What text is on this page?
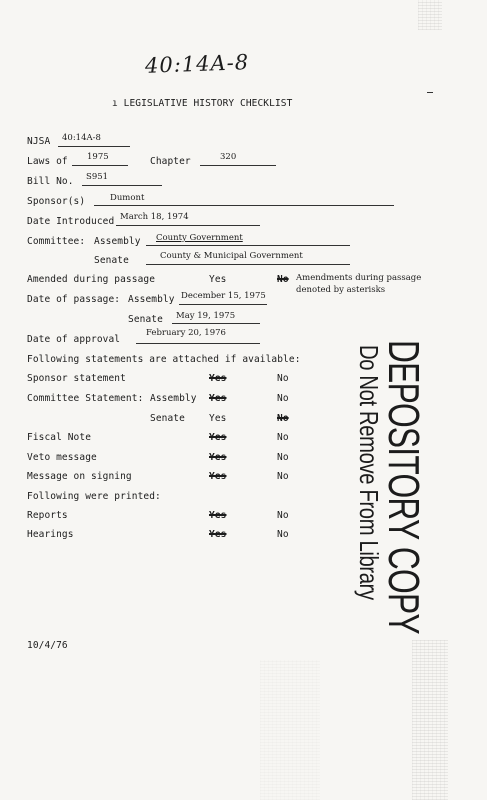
40:14A-8
ı LEGISLATIVE HISTORY CHECKLIST
NJSA 40:14A-8
Laws of 1975	Chapter	320
Bill No. S951
Sponsor(s)	Dumont
Date Introduced March 18, 1974
Committee: Assembly County Government
Senate	County & Municipal Government
Amended during passage	Yes	No Amendments during passage
denoted by asterisks
Date of passage: Assembly December 15, 1975
Senate May 19, 1975
Date of approval
February 20, 1976
Following statements are attached if available:
Sponsor statement	Yes	No
Committee Statement: Assembly Yes	No
Senate	Yes	No
Fiscal Note	Yes	No
Veto message	Yes	No
Message on signing	Yes	No
Following were printed:
Reports	Yes	No
Hearings	Yes	No DEPOSITORY COPY
Do Not Remove From Library
10/4/76
